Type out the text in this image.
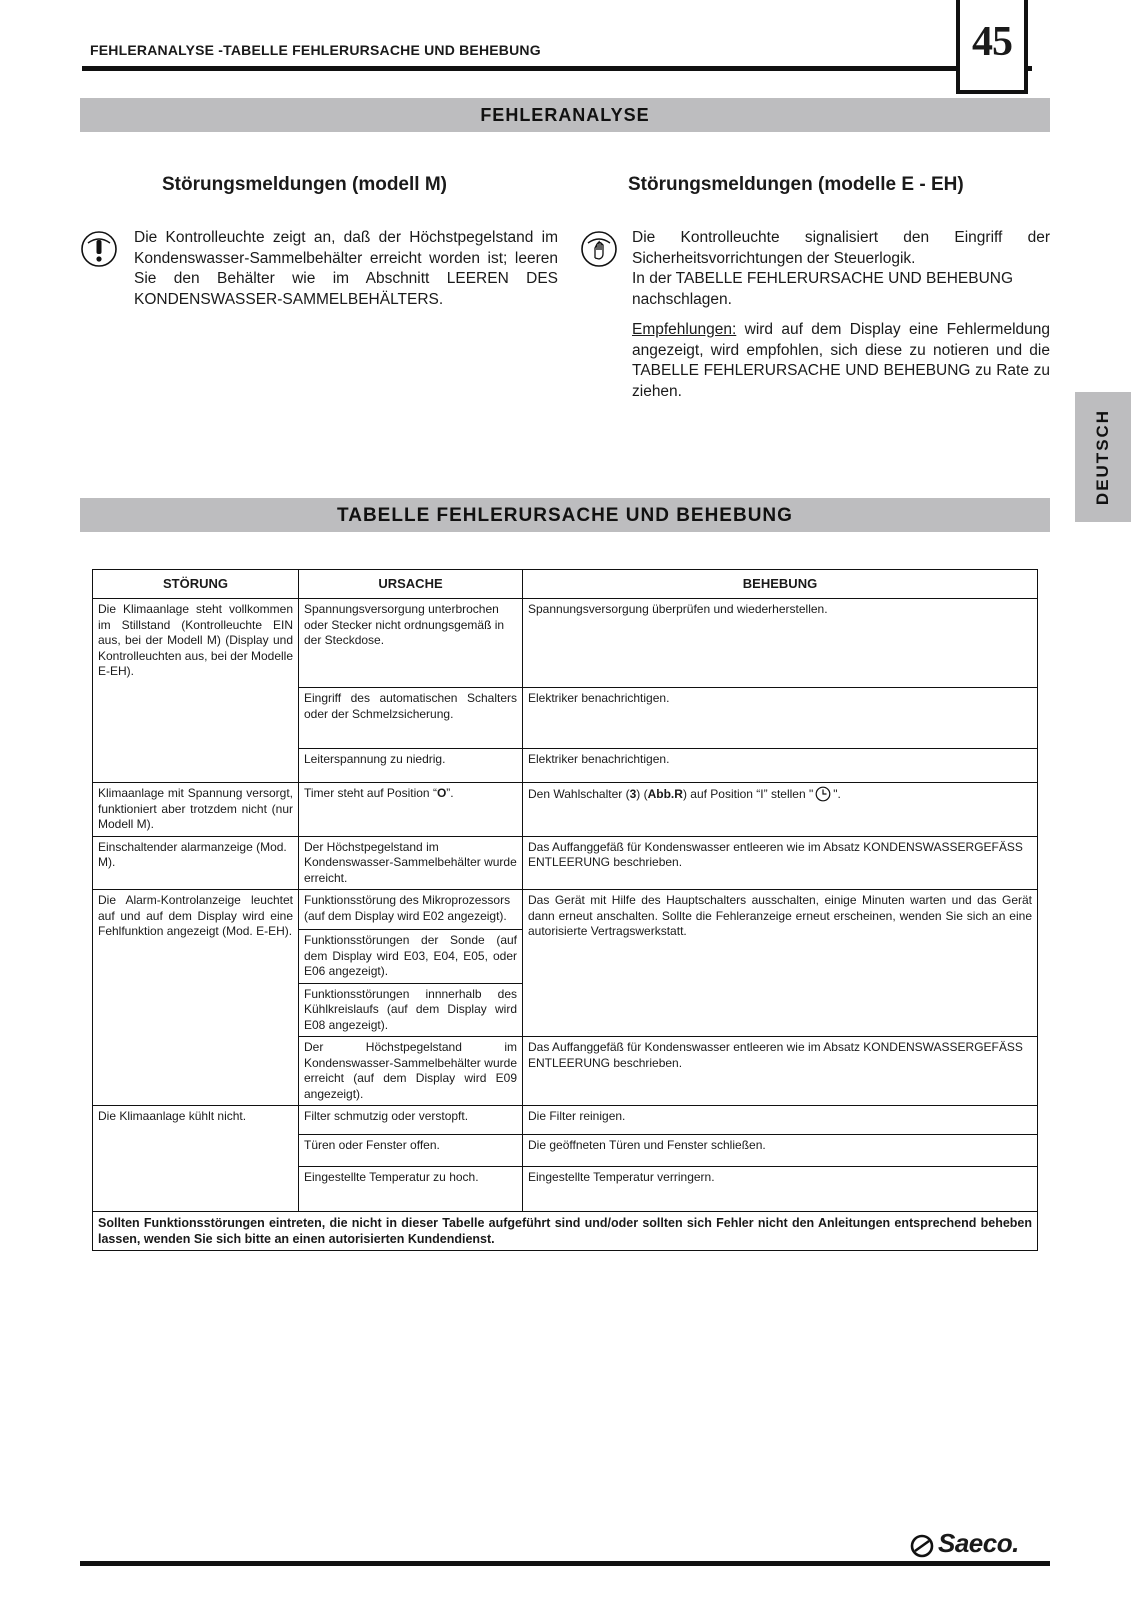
FEHLERANALYSE -TABELLE FEHLERURSACHE UND BEHEBUNG	45
FEHLERANALYSE
Störungsmeldungen (modell M)	Störungsmeldungen (modelle E - EH)
Die Kontrolleuchte zeigt an, daß der Höchstpegelstand im Kondenswasser-Sammelbehälter erreicht worden ist; leeren Sie den Behälter wie im Abschnitt LEEREN DES KONDENSWASSER-SAMMELBEHÄLTERS.
Die Kontrolleuchte signalisiert den Eingriff der Sicherheitsvorrichtungen der Steuerlogik.
In der TABELLE FEHLERURSACHE UND BEHEBUNG nachschlagen.
Empfehlungen: wird auf dem Display eine Fehlermeldung angezeigt, wird empfohlen, sich diese zu notieren und die TABELLE FEHLERURSACHE UND BEHEBUNG zu Rate zu ziehen.
DEUTSCH
TABELLE FEHLERURSACHE UND BEHEBUNG
STÖRUNG	URSACHE	BEHEBUNG
Die Klimaanlage steht vollkommen im Stillstand (Kontrolleuchte EIN aus, bei der Modell M) (Display und Kontrolleuchten aus, bei der Modelle E-EH).	Spannungsversorgung unterbrochen oder Stecker nicht ordnungsgemäß in der Steckdose.	Spannungsversorgung überprüfen und wiederherstellen.
	Eingriff des automatischen Schalters oder der Schmelzsicherung.	Elektriker benachrichtigen.
	Leiterspannung zu niedrig.	Elektriker benachrichtigen.
Klimaanlage mit Spannung versorgt, funktioniert aber trotzdem nicht (nur Modell M).	Timer steht auf Position “O”.	Den Wahlschalter (3) (Abb.R) auf Position “I” stellen " ".
Einschaltender alarmanzeige (Mod. M).	Der Höchstpegelstand im Kondenswasser-Sammelbehälter wurde erreicht.	Das Auffanggefäß für Kondenswasser entleeren wie im Absatz KONDENSWASSERGEFÄSS ENTLEERUNG beschrieben.
Die Alarm-Kontrolanzeige leuchtet auf und auf dem Display wird eine Fehlfunktion angezeigt (Mod. E-EH).	Funktionsstörung des Mikroprozessors (auf dem Display wird E02 angezeigt).	Das Gerät mit Hilfe des Hauptschalters ausschalten, einige Minuten warten und das Gerät dann erneut anschalten. Sollte die Fehleranzeige erneut erscheinen, wenden Sie sich an eine autorisierte Vertragswerkstatt.
	Funktionsstörungen der Sonde (auf dem Display wird E03, E04, E05, oder E06 angezeigt).	
	Funktionsstörungen innnerhalb des Kühlkreislaufs (auf dem Display wird E08 angezeigt).	
	Der Höchstpegelstand im Kondenswasser-Sammelbehälter wurde erreicht (auf dem Display wird E09 angezeigt).	Das Auffanggefäß für Kondenswasser entleeren wie im Absatz KONDENSWASSERGEFÄSS ENTLEERUNG beschrieben.
Die Klimaanlage kühlt nicht.	Filter schmutzig oder verstopft.	Die Filter reinigen.
	Türen oder Fenster offen.	Die geöffneten Türen und Fenster schließen.
	Eingestellte Temperatur zu hoch.	Eingestellte Temperatur verringern.
Sollten Funktionsstörungen eintreten, die nicht in dieser Tabelle aufgeführt sind und/oder sollten sich Fehler nicht den Anleitungen entsprechend beheben lassen, wenden Sie sich bitte an einen autorisierten Kundendienst.		
Saeco.
